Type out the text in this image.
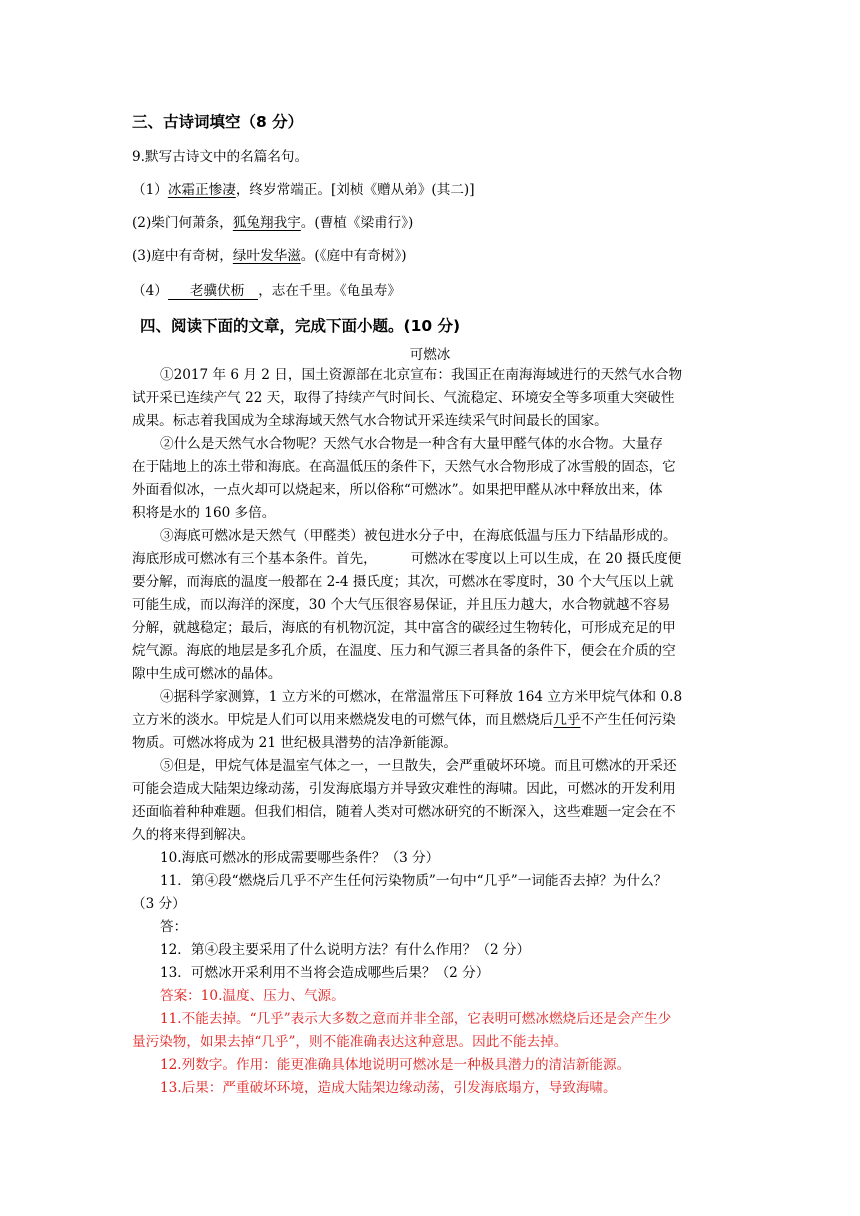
三、古诗词填空（8 分）
9.默写古诗文中的名篇名句。
（1）冰霜正惨凄，终岁常端正。[刘桢《赠从弟》(其二)]
(2)柴门何萧条，狐兔翔我宇。(曹植《梁甫行》)
(3)庭中有奇树，绿叶发华滋。(《庭中有奇树》)
（4） 老骥伏枥 ，志在千里。《龟虽寿》
四、阅读下面的文章，完成下面小题。(10 分)
可燃冰
①2017 年 6 月 2 日，国土资源部在北京宣布：我国正在南海海域进行的天然气水合物
试开采已连续产气 22 天，取得了持续产气时间长、气流稳定、环境安全等多项重大突破性
成果。标志着我国成为全球海域天然气水合物试开采连续采气时间最长的国家。
②什么是天然气水合物呢？天然气水合物是一种含有大量甲醛气体的水合物。大量存
在于陆地上的冻土带和海底。在高温低压的条件下，天然气水合物形成了冰雪般的固态，它
外面看似冰，一点火却可以烧起来，所以俗称“可燃冰”。如果把甲醛从冰中释放出来，体
积将是水的 160 多倍。
③海底可燃冰是天然气（甲醛类）被包进水分子中，在海底低温与压力下结晶形成的。
海底形成可燃冰有三个基本条件。首先，	可燃冰在零度以上可以生成，在 20 摄氏度便
要分解，而海底的温度一般都在 2-4 摄氏度；其次，可燃冰在零度时，30 个大气压以上就
可能生成，而以海洋的深度，30 个大气压很容易保证，并且压力越大，水合物就越不容易
分解，就越稳定；最后，海底的有机物沉淀，其中富含的碳经过生物转化，可形成充足的甲
烷气源。海底的地层是多孔介质，在温度、压力和气源三者具备的条件下，便会在介质的空
隙中生成可燃冰的晶体。
④据科学家测算，1 立方米的可燃冰，在常温常压下可释放 164 立方米甲烷气体和 0.8
立方米的淡水。甲烷是人们可以用来燃烧发电的可燃气体，而且燃烧后几乎不产生任何污染
物质。可燃冰将成为 21 世纪极具潜势的洁净新能源。
⑤但是，甲烷气体是温室气体之一，一旦散失，会严重破坏环境。而且可燃冰的开采还
可能会造成大陆架边缘动荡，引发海底塌方并导致灾难性的海啸。因此，可燃冰的开发利用
还面临着种种难题。但我们相信，随着人类对可燃冰研究的不断深入，这些难题一定会在不
久的将来得到解决。
10.海底可燃冰的形成需要哪些条件？（3 分）
11．第④段“燃烧后几乎不产生任何污染物质”一句中“几乎”一词能否去掉？为什么？
（3 分）
答：
12．第④段主要采用了什么说明方法？有什么作用？（2 分）
13．可燃冰开采利用不当将会造成哪些后果？（2 分）
答案：10.温度、压力、气源。
11.不能去掉。“几乎”表示大多数之意而并非全部，它表明可燃冰燃烧后还是会产生少
量污染物，如果去掉“几乎”，则不能准确表达这种意思。因此不能去掉。
12.列数字。作用：能更准确具体地说明可燃冰是一种极具潜力的清洁新能源。
13.后果：严重破坏环境，造成大陆架边缘动荡，引发海底塌方，导致海啸。
